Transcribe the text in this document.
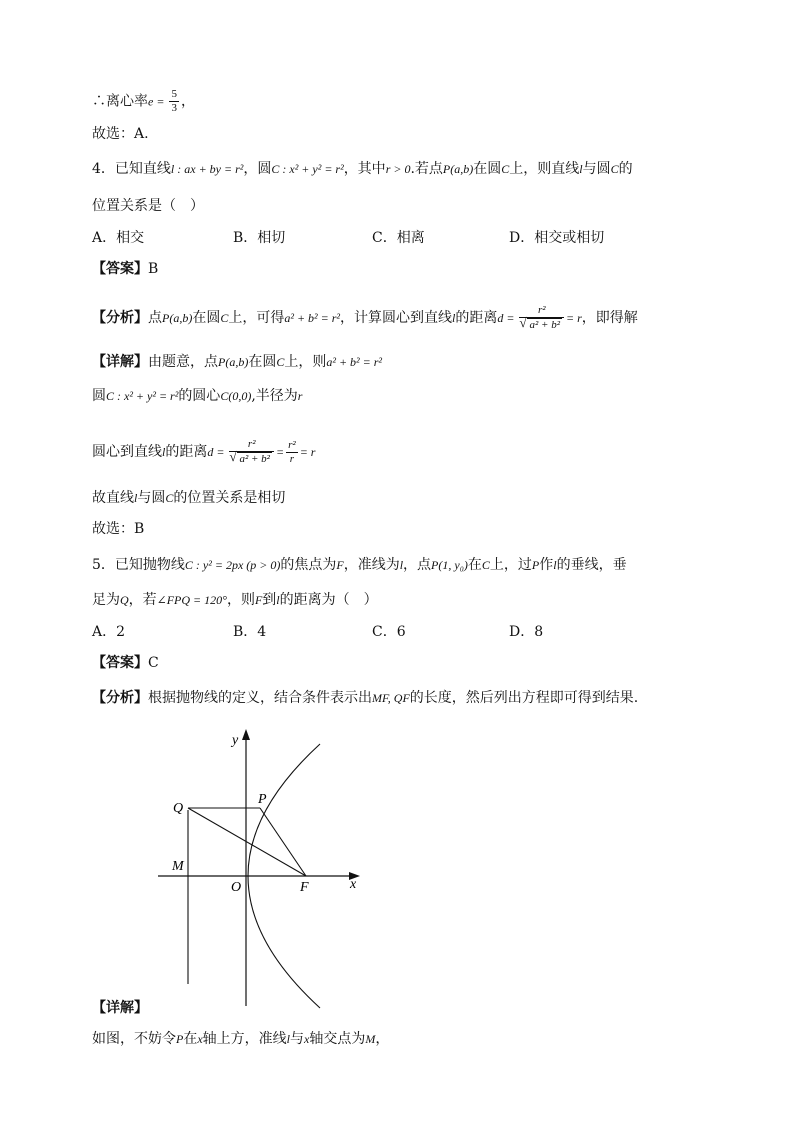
∴离心率$e = \frac{5}{3}$ ，
故选：A.
4．已知直线l : ax + by = r²，圆C : x² + y² = r²，其中r > 0.若点P(a,b)在圆C上，则直线l与圆C的
位置关系是（　）
A．相交	B．相切	C．相离	D．相交或相切
【答案】B
【分析】点P(a,b)在圆C上，可得a² + b² = r²，计算圆心到直线l的距离d = r²
√ a² + b² = r，即得解
【详解】由题意，点P(a,b)在圆C上，则a² + b² = r²
圆C : x² + y² = r²的圆心C(0,0),半径为r
圆心到直线l的距离d = r²
√ $a^2 + b^2 = \frac{\text{r²}}{r} = r$
故直线l与圆C的位置关系是相切
故选：B
5．已知抛物线C : y² = 2px (p > 0)的焦点为F，准线为l，点P(1, y₀)在C上，过P作l的垂线，垂
足为Q，若∠FPQ = 120°，则F到l的距离为（　）
A．2	B．4	C．6	D．8
【答案】C
【分析】根据抛物线的定义，结合条件表示出MF, QF的长度，然后列出方程即可得到结果.
y
x
O	F
P
Q
M
【详解】
如图，不妨令P在x轴上方，准线l与x轴交点为M，
